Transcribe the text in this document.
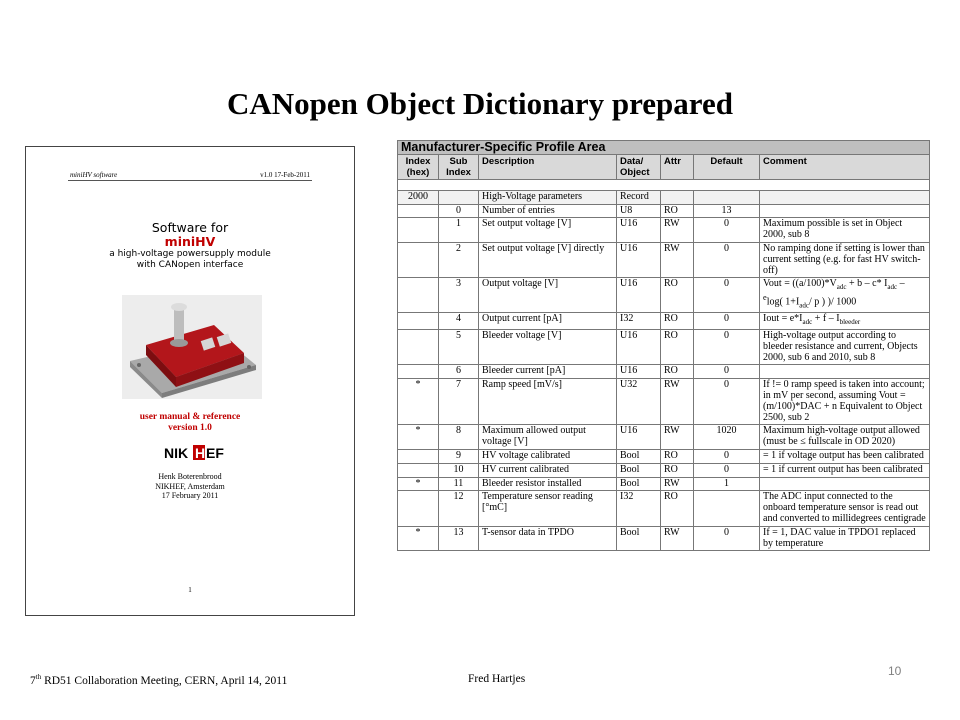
CANopen Object Dictionary prepared
miniHV software	v1.0 17-Feb-2011
Software for
miniHV
a high-voltage powersupply module
with CANopen interface
user manual & reference
version 1.0
NIK H EF
Henk Boterenbrood
NIKHEF, Amsterdam
17 February 2011
1
Manufacturer-Specific Profile Area						
Index
(hex)	Sub
Index	Description	Data/
Object	Attr	Default	Comment

2000		High-Voltage parameters	Record			
	0	Number of entries	U8	RO	13	
	1	Set output voltage [V]	U16	RW	0	Maximum possible is set in Object 2000, sub 8
	2	Set output voltage [V] directly	U16	RW	0	No ramping done if setting is lower than current setting (e.g. for fast HV switch-off)
	3	Output voltage [V]	U16	RO	0	Vout = ($(a/100)*V_{adc} + b - c*$ $I_{adc} - ^e\log$( $1+I_{adc}/$ p ) )/ 1000
	4	Output current [pA]	I32	RO	0	Iout = $e*I_{adc} + f - I_{bleeder}$
	5	Bleeder voltage [V]	U16	RO	0	High-voltage output according to bleeder resistance and current, Objects 2000, sub 6 and 2010, sub 8
	6	Bleeder current [pA]	U16	RO	0	
*	7	Ramp speed [mV/s]	U32	RW	0	If != 0 ramp speed is taken into account; in mV per second, assuming Vout = (m/100)*DAC + n Equivalent to Object 2500, sub 2
*	8	Maximum allowed output voltage [V]	U16	RW	1020	Maximum high-voltage output allowed (must be ≤ fullscale in OD 2020)
	9	HV voltage calibrated	Bool	RO	0	= 1 if voltage output has been calibrated
	10	HV current calibrated	Bool	RO	0	= 1 if current output has been calibrated
*	11	Bleeder resistor installed	Bool	RW	1	
	12	Temperature sensor reading [°mC]	I32	RO		The ADC input connected to the onboard temperature sensor is read out and converted to millidegrees centigrade
*	13	T-sensor data in TPDO	Bool	RW	0	If = 1, DAC value in TPDO1 replaced by temperature
7th RD51 Collaboration Meeting, CERN, April 14, 2011	Fred Hartjes
10
